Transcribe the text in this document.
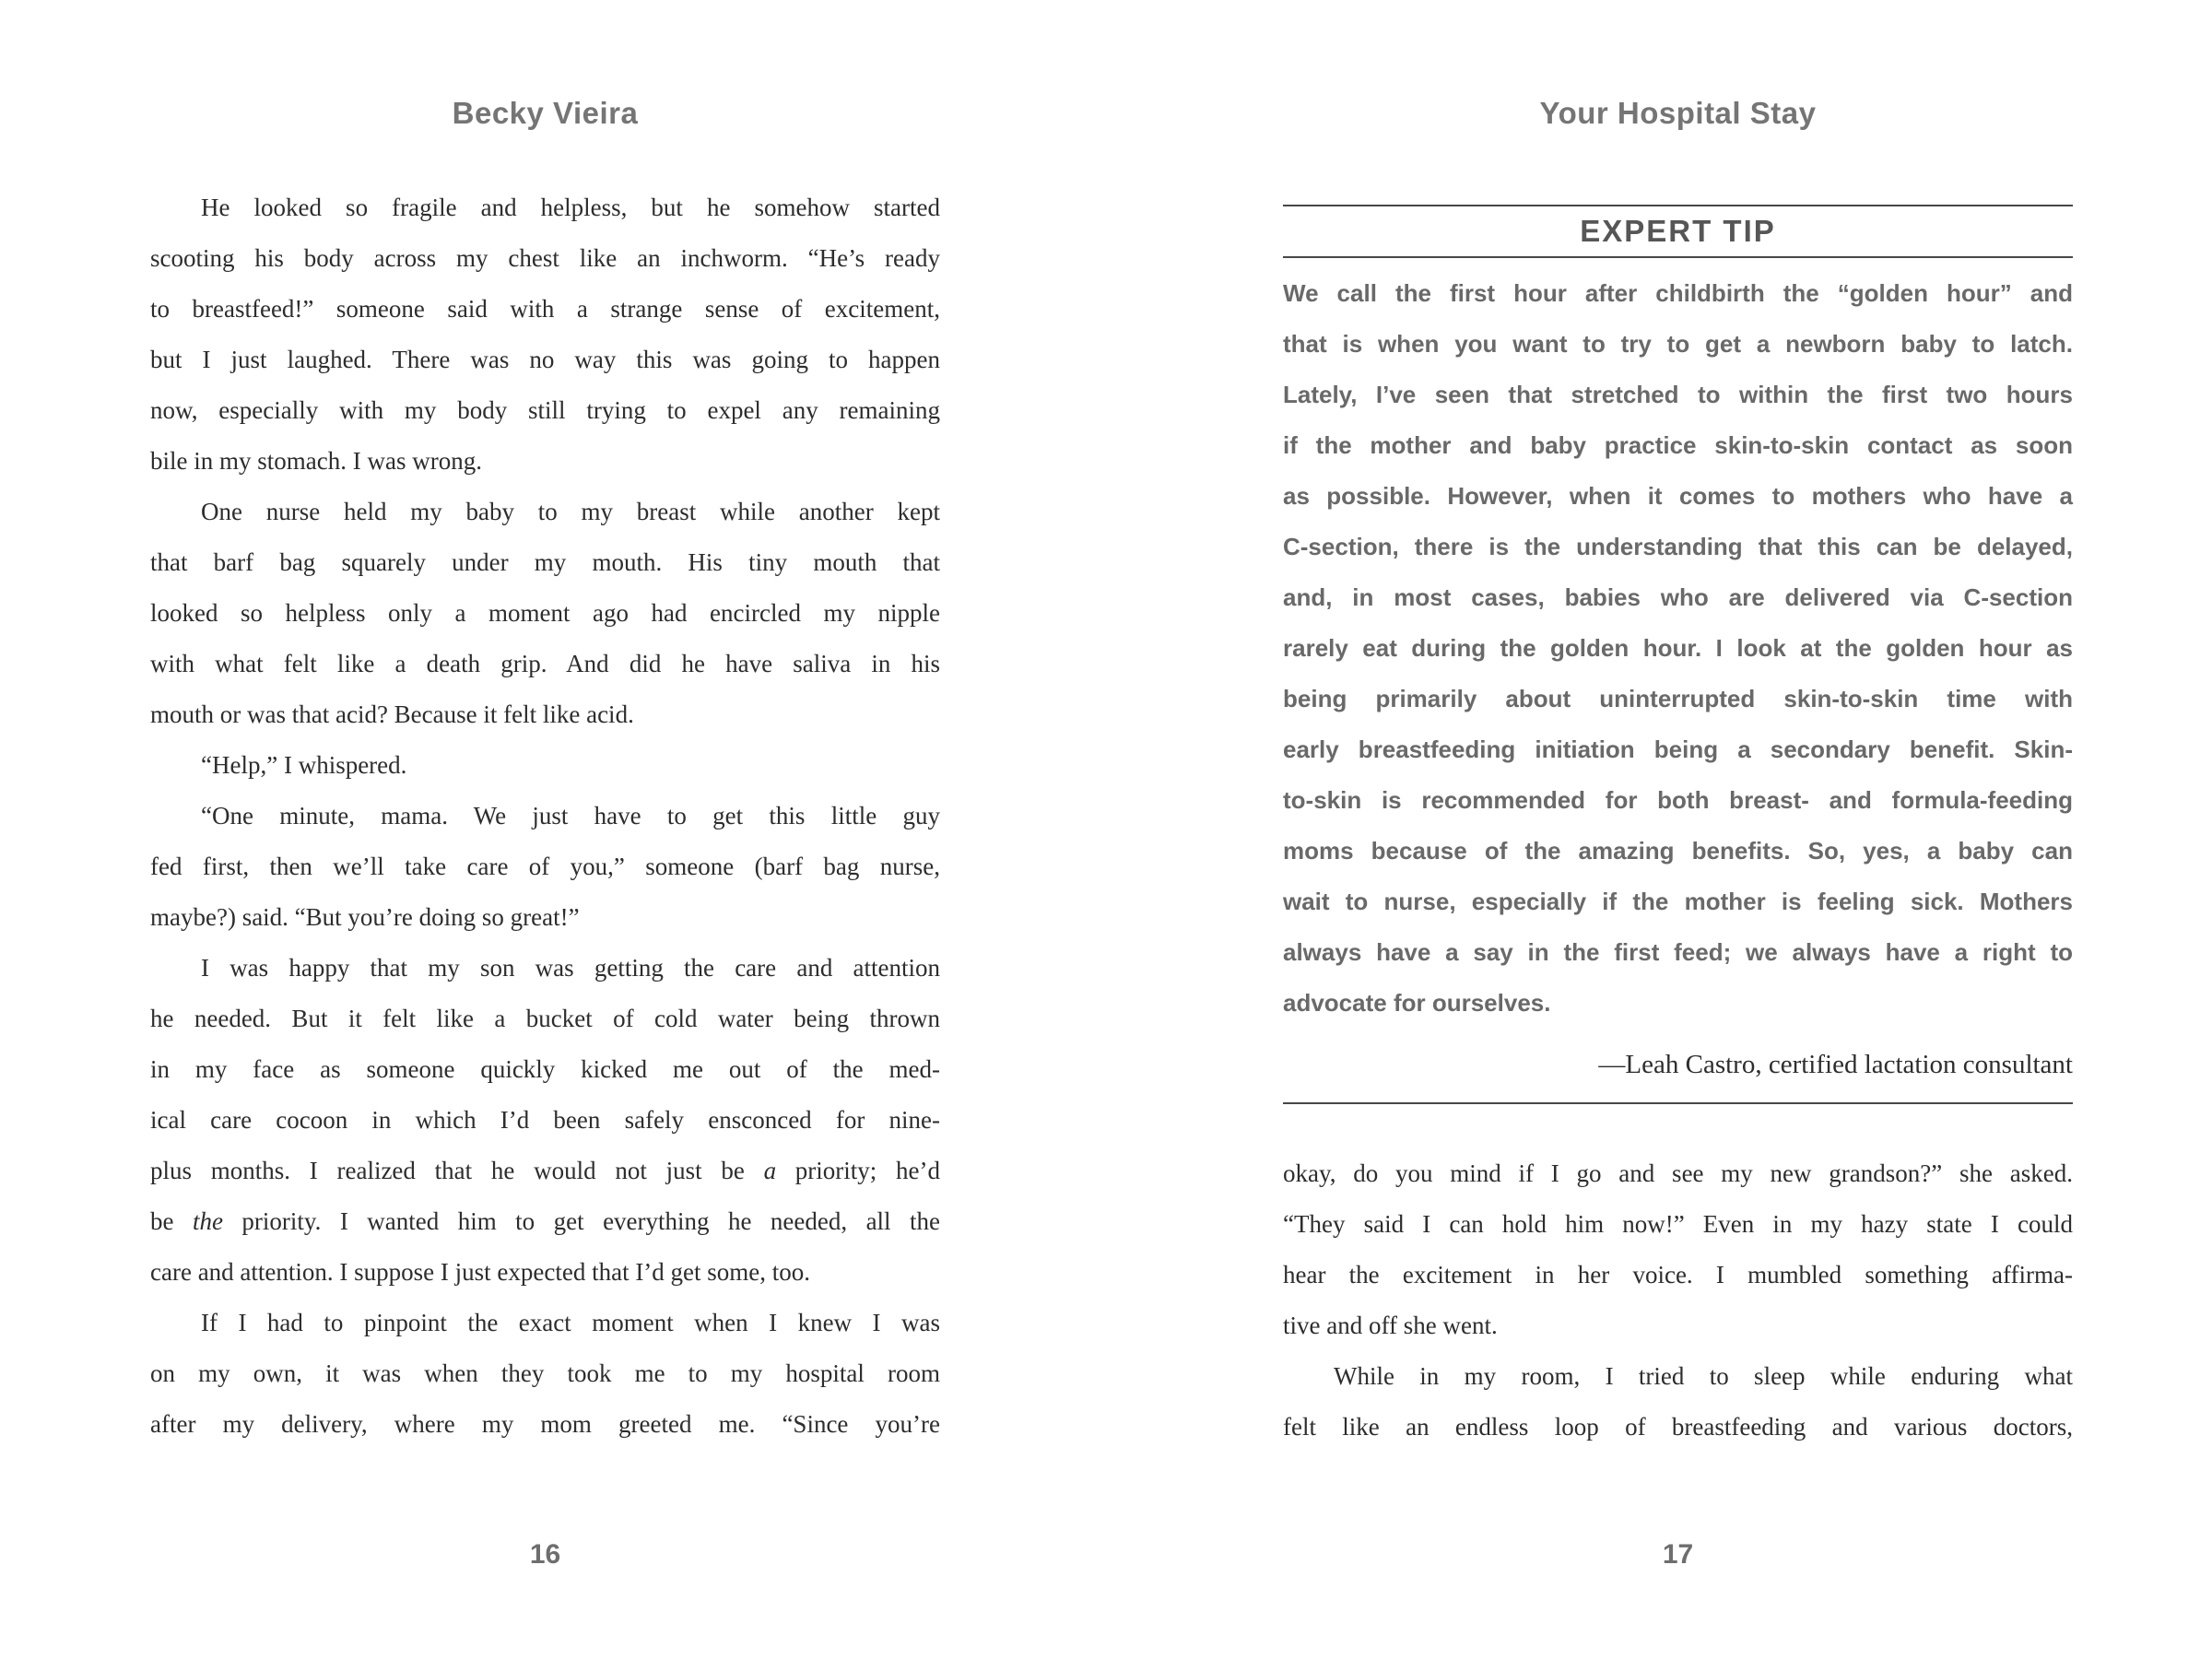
Becky Vieira
He looked so fragile and helpless, but he somehow started
scooting his body across my chest like an inchworm. “He’s ready
to breastfeed!” someone said with a strange sense of excitement,
but I just laughed. There was no way this was going to happen
now, especially with my body still trying to expel any remaining
bile in my stomach. I was wrong.
One nurse held my baby to my breast while another kept
that barf bag squarely under my mouth. His tiny mouth that
looked so helpless only a moment ago had encircled my nipple
with what felt like a death grip. And did he have saliva in his
mouth or was that acid? Because it felt like acid.
“Help,” I whispered.
“One minute, mama. We just have to get this little guy
fed first, then we’ll take care of you,” someone (barf bag nurse,
maybe?) said. “But you’re doing so great!”
I was happy that my son was getting the care and attention
he needed. But it felt like a bucket of cold water being thrown
in my face as someone quickly kicked me out of the med-
ical care cocoon in which I’d been safely ensconced for nine-
plus months. I realized that he would not just be a priority; he’d
be the priority. I wanted him to get everything he needed, all the
care and attention. I suppose I just expected that I’d get some, too.
If I had to pinpoint the exact moment when I knew I was
on my own, it was when they took me to my hospital room
after my delivery, where my mom greeted me. “Since you’re
16
Your Hospital Stay
EXPERT TIP
We call the first hour after childbirth the “golden hour” and
that is when you want to try to get a newborn baby to latch.
Lately, I’ve seen that stretched to within the first two hours
if the mother and baby practice skin-to-skin contact as soon
as possible. However, when it comes to mothers who have a
C-section, there is the understanding that this can be delayed,
and, in most cases, babies who are delivered via C-section
rarely eat during the golden hour. I look at the golden hour as
being primarily about uninterrupted skin-to-skin time with
early breastfeeding initiation being a secondary benefit. Skin-
to-skin is recommended for both breast- and formula-feeding
moms because of the amazing benefits. So, yes, a baby can
wait to nurse, especially if the mother is feeling sick. Mothers
always have a say in the first feed; we always have a right to
advocate for ourselves.
—Leah Castro, certified lactation consultant
okay, do you mind if I go and see my new grandson?” she asked.
“They said I can hold him now!” Even in my hazy state I could
hear the excitement in her voice. I mumbled something affirma-
tive and off she went.
While in my room, I tried to sleep while enduring what
felt like an endless loop of breastfeeding and various doctors,
17
